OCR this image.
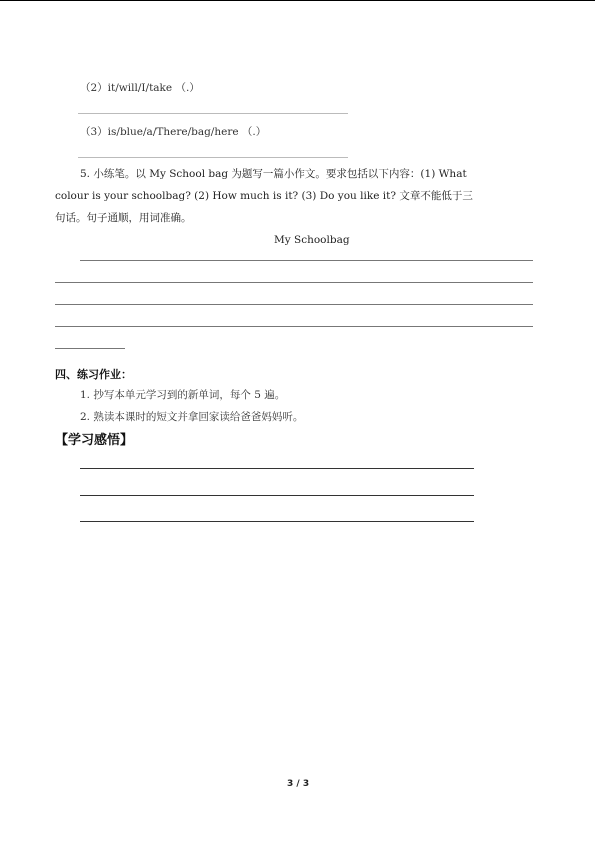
（2）it/will/I/take （.）
（3）is/blue/a/There/bag/here （.）
5. 小练笔。以 My School bag 为题写一篇小作文。要求包括以下内容：(1) What
colour is your schoolbag? (2) How much is it? (3) Do you like it? 文章不能低于三
句话。句子通顺，用词准确。
My Schoolbag
四、练习作业：
1. 抄写本单元学习到的新单词，每个 5 遍。
2. 熟读本课时的短文并拿回家读给爸爸妈妈听。
【学习感悟】
3 / 3
